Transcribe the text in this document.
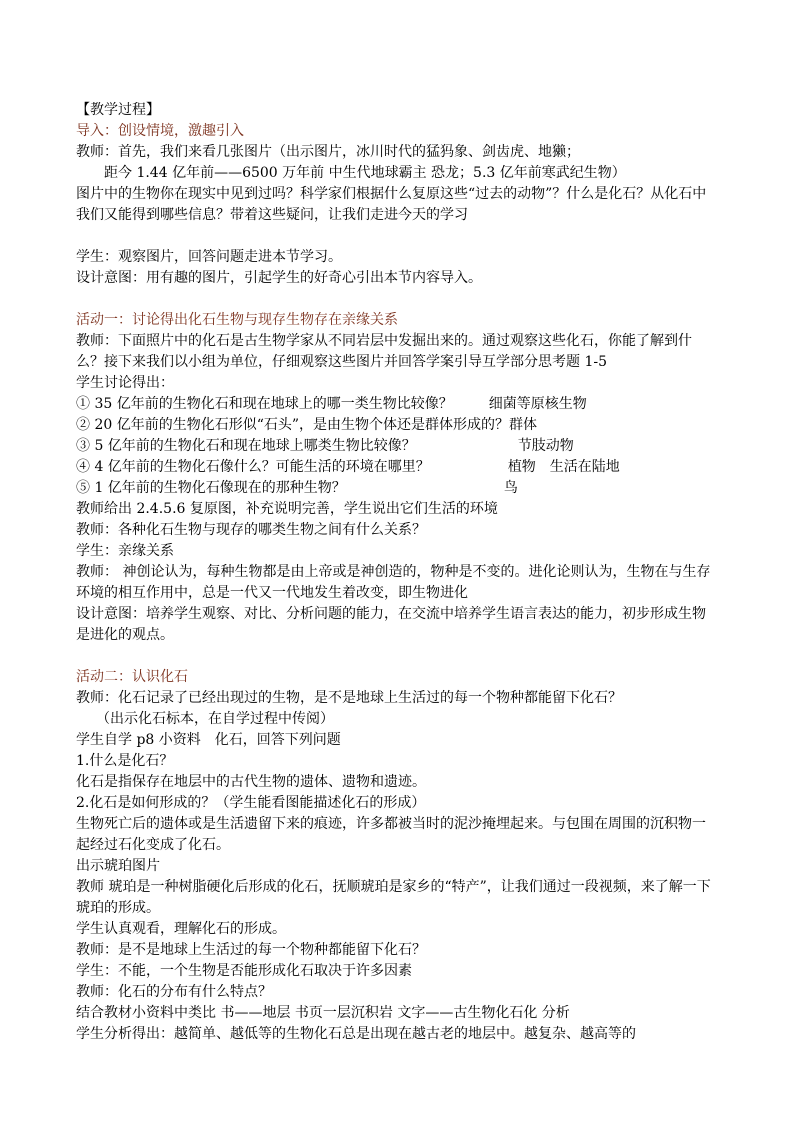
【教学过程】
导入：创设情境，激趣引入
教师：首先，我们来看几张图片（出示图片，冰川时代的猛犸象、剑齿虎、地獭；
距今 1.44 亿年前——6500 万年前 中生代地球霸主 恐龙；5.3 亿年前寒武纪生物）
图片中的生物你在现实中见到过吗？科学家们根据什么复原这些“过去的动物”？什么是化石？从化石中我们又能得到哪些信息？带着这些疑问，让我们走进今天的学习
学生：观察图片，回答问题走进本节学习。
设计意图：用有趣的图片，引起学生的好奇心引出本节内容导入。
活动一：讨论得出化石生物与现存生物存在亲缘关系
教师：下面照片中的化石是古生物学家从不同岩层中发掘出来的。通过观察这些化石，你能了解到什么？接下来我们以小组为单位，仔细观察这些图片并回答学案引导互学部分思考题 1-5
学生讨论得出：
① 35 亿年前的生物化石和现在地球上的哪一类生物比较像？	细菌等原核生物
② 20 亿年前的生物化石形似“石头”，是由生物个体还是群体形成的？群体
③ 5 亿年前的生物化石和现在地球上哪类生物比较像？	节肢动物
④ 4 亿年前的生物化石像什么？可能生活的环境在哪里？	植物　生活在陆地
⑤ 1 亿年前的生物化石像现在的那种生物？	鸟
教师给出 2.4.5.6 复原图，补充说明完善，学生说出它们生活的环境
教师：各种化石生物与现存的哪类生物之间有什么关系？
学生：亲缘关系
教师： 神创论认为，每种生物都是由上帝或是神创造的，物种是不变的。进化论则认为，生物在与生存环境的相互作用中，总是一代又一代地发生着改变，即生物进化
设计意图：培养学生观察、对比、分析问题的能力，在交流中培养学生语言表达的能力，初步形成生物是进化的观点。
活动二：认识化石
教师：化石记录了已经出现过的生物，是不是地球上生活过的每一个物种都能留下化石？
（出示化石标本，在自学过程中传阅）
学生自学 p8 小资料　化石，回答下列问题
1.什么是化石？
化石是指保存在地层中的古代生物的遗体、遗物和遗迹。
2.化石是如何形成的？（学生能看图能描述化石的形成）
生物死亡后的遗体或是生活遗留下来的痕迹，许多都被当时的泥沙掩埋起来。与包围在周围的沉积物一起经过石化变成了化石。
出示琥珀图片
教师 琥珀是一种树脂硬化后形成的化石，抚顺琥珀是家乡的“特产”，让我们通过一段视频，来了解一下琥珀的形成。
学生认真观看，理解化石的形成。
教师：是不是地球上生活过的每一个物种都能留下化石？
学生：不能，一个生物是否能形成化石取决于许多因素
教师：化石的分布有什么特点？
结合教材小资料中类比 书——地层 书页一层沉积岩 文字——古生物化石化 分析
学生分析得出：越简单、越低等的生物化石总是出现在越古老的地层中。越复杂、越高等的
